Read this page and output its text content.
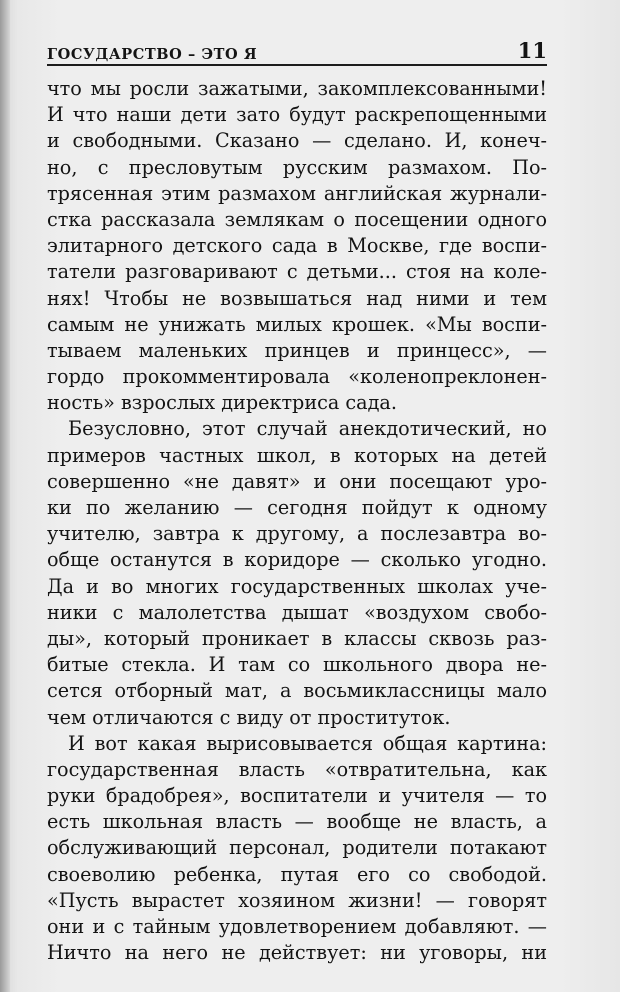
ГОСУДАРСТВО – ЭТО Я	11
что мы росли зажатыми, закомплексованными!
И что наши дети зато будут раскрепощенными
и свободными. Сказано — сделано. И, конеч-
но, с пресловутым русским размахом. По-
трясенная этим размахом английская журнали-
стка рассказала землякам о посещении одного
элитарного детского сада в Москве, где воспи-
татели разговаривают с детьми... стоя на коле-
нях! Чтобы не возвышаться над ними и тем
самым не унижать милых крошек. «Мы воспи-
тываем маленьких принцев и принцесс», —
гордо прокомментировала «коленопреклонен-
ность» взрослых директриса сада.
Безусловно, этот случай анекдотический, но
примеров частных школ, в которых на детей
совершенно «не давят» и они посещают уро-
ки по желанию — сегодня пойдут к одному
учителю, завтра к другому, а послезавтра во-
обще останутся в коридоре — сколько угодно.
Да и во многих государственных школах уче-
ники с малолетства дышат «воздухом свобо-
ды», который проникает в классы сквозь раз-
битые стекла. И там со школьного двора не-
сется отборный мат, а восьмиклассницы мало
чем отличаются с виду от проституток.
И вот какая вырисовывается общая картина:
государственная власть «отвратительна, как
руки брадобрея», воспитатели и учителя — то
есть школьная власть — вообще не власть, а
обслуживающий персонал, родители потакают
своеволию ребенка, путая его со свободой.
«Пусть вырастет хозяином жизни! — говорят
они и с тайным удовлетворением добавляют. —
Ничто на него не действует: ни уговоры, ни
